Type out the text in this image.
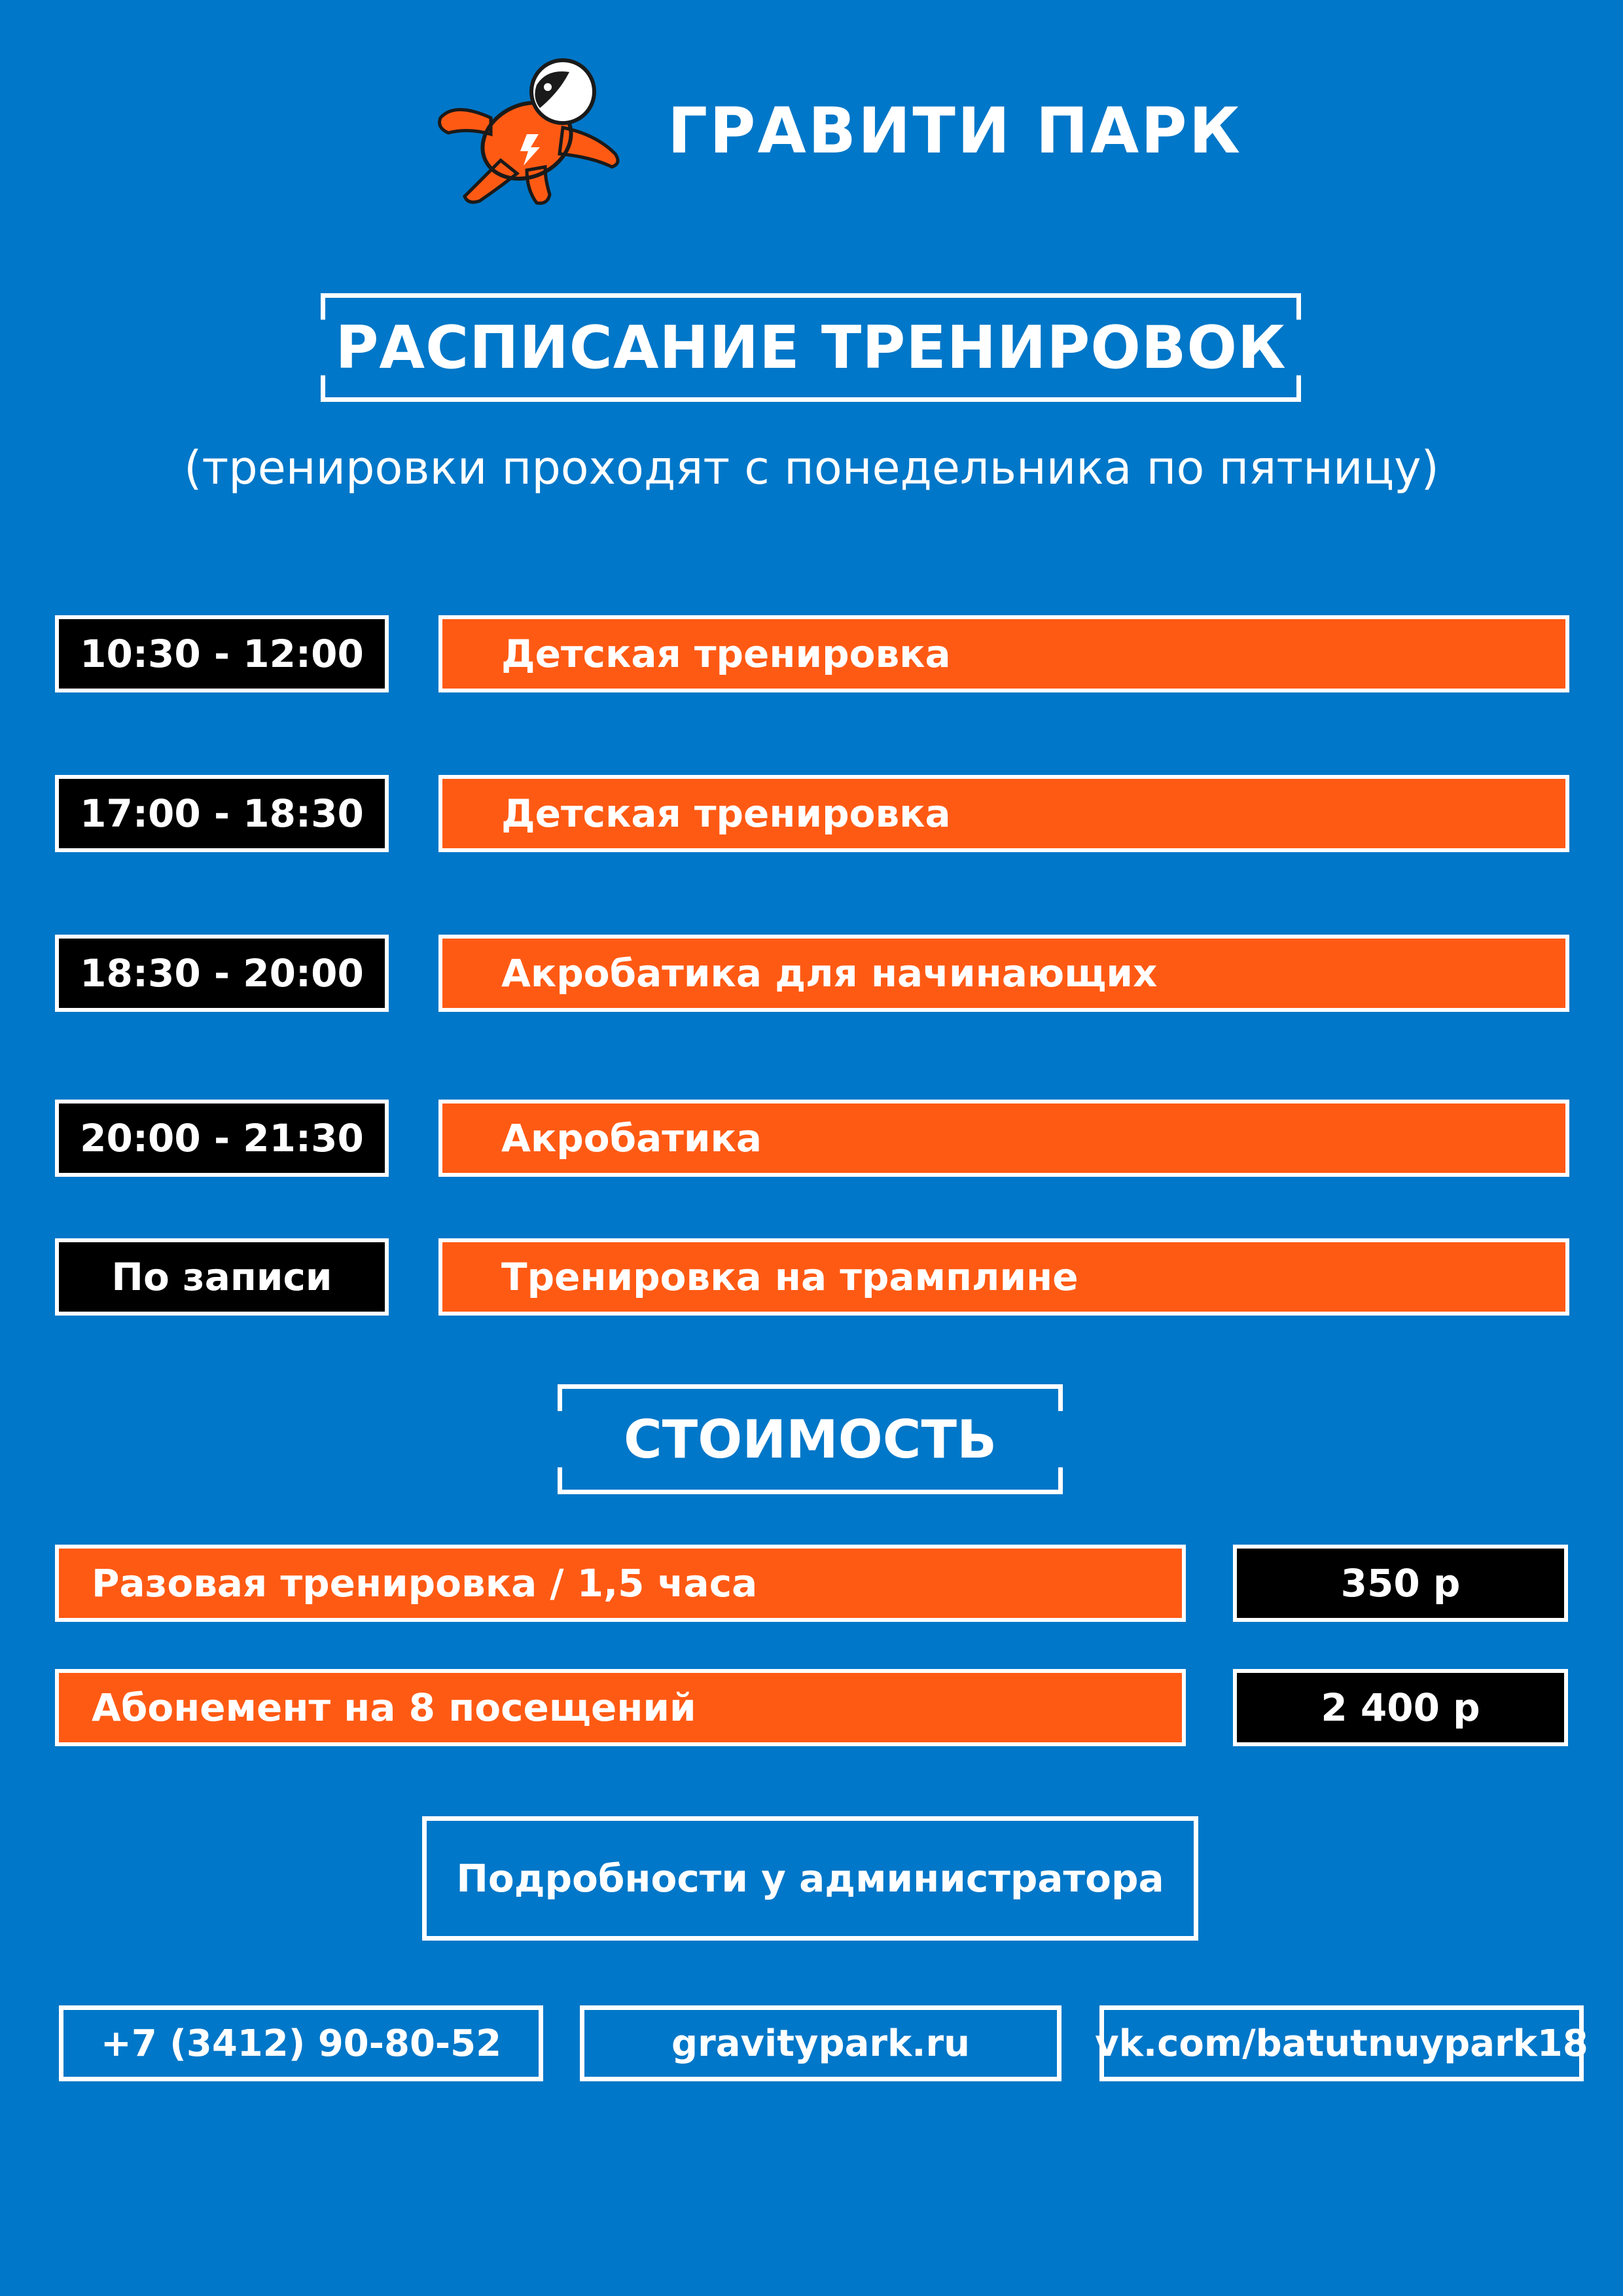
ГРАВИТИ ПАРК
РАСПИСАНИЕ ТРЕНИРОВОК
(тренировки проходят с понедельника по пятницу)
10:30 - 12:00	Детская тренировка
17:00 - 18:30	Детская тренировка
18:30 - 20:00	Акробатика для начинающих
20:00 - 21:30	Акробатика
По записи	Тренировка на трамплине
СТОИМОСТЬ
Разовая тренировка / 1,5 часа	350 р
Абонемент на 8 посещений	2 400 р
Подробности у администратора
+7 (3412) 90-80-52	gravitypark.ru	vk.com/batutnuypark18
